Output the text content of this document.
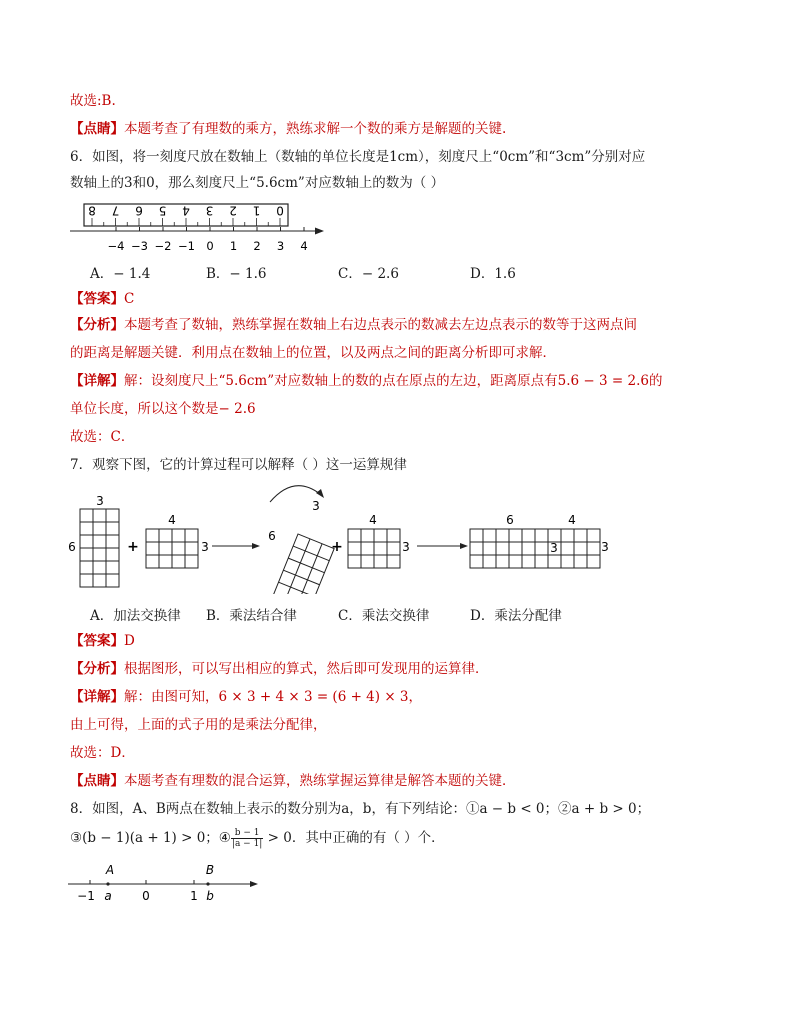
故选:B.
【点睛】本题考查了有理数的乘方，熟练求解一个数的乘方是解题的关键.
6．如图，将一刻度尺放在数轴上（数轴的单位长度是1cm），刻度尺上“0cm”和“3cm”分别对应
数轴上的3和0，那么刻度尺上“5.6cm”对应数轴上的数为（ ）
8 7 6 5 4 3 2 1 0
−4 −3 −2 −1 0 1 2 3 4
A．− 1.4	B．− 1.6	C．− 2.6	D．1.6
【答案】C
【分析】本题考查了数轴，熟练掌握在数轴上右边点表示的数减去左边点表示的数等于这两点间
的距离是解题关键．利用点在数轴上的位置，以及两点之间的距离分析即可求解．
【详解】解：设刻度尺上“5.6cm”对应数轴上的数的点在原点的左边，距离原点有5.6 − 3 = 2.6的
单位长度，所以这个数是− 2.6
故选：C．
7．观察下图，它的计算过程可以解释（ ）这一运算规律
3
6	+
4
3
3
6
+
4
3
6	4
3	3
A．加法交换律 B．乘法结合律	C．乘法交换律	D．乘法分配律
【答案】D
【分析】根据图形，可以写出相应的算式，然后即可发现用的运算律．
【详解】解：由图可知，6 × 3 + 4 × 3 = (6 + 4) × 3，
由上可得，上面的式子用的是乘法分配律，
故选：D．
【点睛】本题考查有理数的混合运算，熟练掌握运算律是解答本题的关键．
8．如图，A、B两点在数轴上表示的数分别为a，b，有下列结论：①a − b < 0；②a + b > 0；
③(b − 1)(a + 1) > 0；④ $\frac{b - 1}{|a - 1|} > 0$．其中正确的有（ ）个．
A	B
−1 a	0	1 b
